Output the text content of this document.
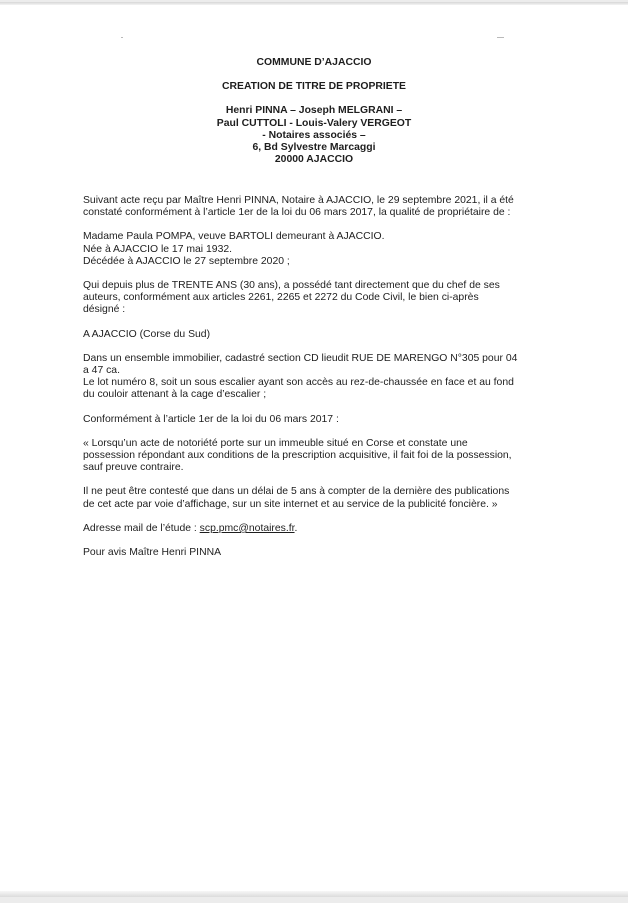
COMMUNE D’AJACCIO
CREATION DE TITRE DE PROPRIETE
Henri PINNA – Joseph MELGRANI –
Paul CUTTOLI - Louis-Valery VERGEOT
- Notaires associés –
6, Bd Sylvestre Marcaggi
20000 AJACCIO

Suivant acte reçu par Maître Henri PINNA, Notaire à AJACCIO, le 29 septembre 2021, il a été
constaté conformément à l’article 1er de la loi du 06 mars 2017, la qualité de propriétaire de :

Madame Paula POMPA, veuve BARTOLI demeurant à AJACCIO.
Née à AJACCIO le 17 mai 1932.
Décédée à AJACCIO le 27 septembre 2020 ;

Qui depuis plus de TRENTE ANS (30 ans), a possédé tant directement que du chef de ses
auteurs, conformément aux articles 2261, 2265 et 2272 du Code Civil, le bien ci-après
désigné :

A AJACCIO (Corse du Sud)

Dans un ensemble immobilier, cadastré section CD lieudit RUE DE MARENGO N°305 pour 04
a 47 ca.
Le lot numéro 8, soit un sous escalier ayant son accès au rez-de-chaussée en face et au fond
du couloir attenant à la cage d’escalier ;

Conformément à l’article 1er de la loi du 06 mars 2017 :

« Lorsqu’un acte de notoriété porte sur un immeuble situé en Corse et constate une
possession répondant aux conditions de la prescription acquisitive, il fait foi de la possession,
sauf preuve contraire.

Il ne peut être contesté que dans un délai de 5 ans à compter de la dernière des publications
de cet acte par voie d’affichage, sur un site internet et au service de la publicité foncière. »

Adresse mail de l’étude : scp.pmc@notaires.fr.

Pour avis Maître Henri PINNA
